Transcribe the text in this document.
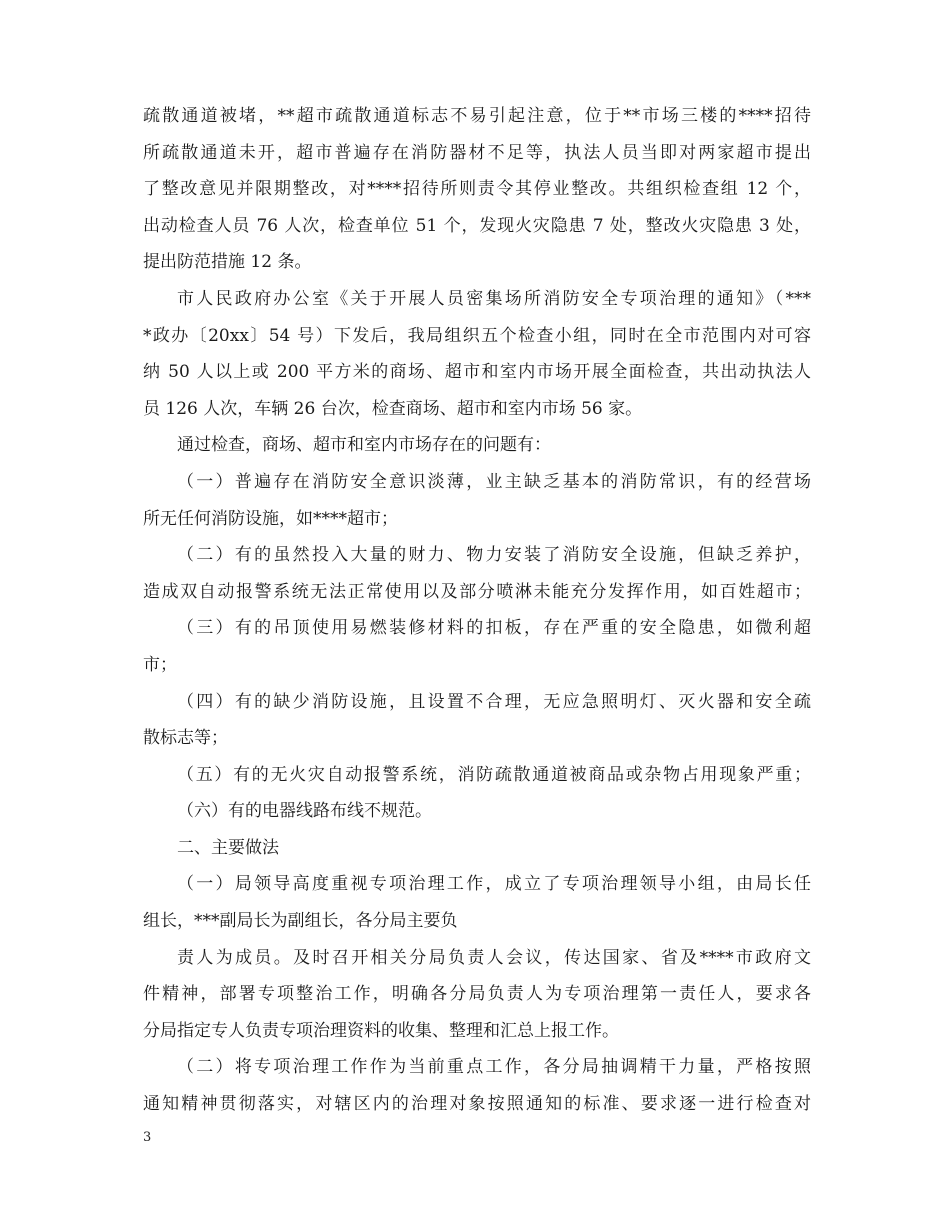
疏散通道被堵，**超市疏散通道标志不易引起注意，位于**市场三楼的****招待
所疏散通道未开，超市普遍存在消防器材不足等，执法人员当即对两家超市提出
了整改意见并限期整改，对****招待所则责令其停业整改。共组织检查组 12 个，
出动检查人员 76 人次，检查单位 51 个，发现火灾隐患 7 处，整改火灾隐患 3 处，
提出防范措施 12 条。
市人民政府办公室《关于开展人员密集场所消防安全专项治理的通知》（***
*政办〔20xx〕54 号）下发后，我局组织五个检查小组，同时在全市范围内对可容
纳 50 人以上或 200 平方米的商场、超市和室内市场开展全面检查，共出动执法人
员 126 人次，车辆 26 台次，检查商场、超市和室内市场 56 家。
通过检查，商场、超市和室内市场存在的问题有：
（一）普遍存在消防安全意识淡薄，业主缺乏基本的消防常识，有的经营场
所无任何消防设施，如****超市；
（二）有的虽然投入大量的财力、物力安装了消防安全设施，但缺乏养护，
造成双自动报警系统无法正常使用以及部分喷淋未能充分发挥作用，如百姓超市；
（三）有的吊顶使用易燃装修材料的扣板，存在严重的安全隐患，如微利超
市；
（四）有的缺少消防设施，且设置不合理，无应急照明灯、灭火器和安全疏
散标志等；
（五）有的无火灾自动报警系统，消防疏散通道被商品或杂物占用现象严重；
（六）有的电器线路布线不规范。
二、主要做法
（一）局领导高度重视专项治理工作，成立了专项治理领导小组，由局长任
组长，***副局长为副组长，各分局主要负
责人为成员。及时召开相关分局负责人会议，传达国家、省及****市政府文
件精神，部署专项整治工作，明确各分局负责人为专项治理第一责任人，要求各
分局指定专人负责专项治理资料的收集、整理和汇总上报工作。
（二）将专项治理工作作为当前重点工作，各分局抽调精干力量，严格按照
通知精神贯彻落实，对辖区内的治理对象按照通知的标准、要求逐一进行检查对
3
